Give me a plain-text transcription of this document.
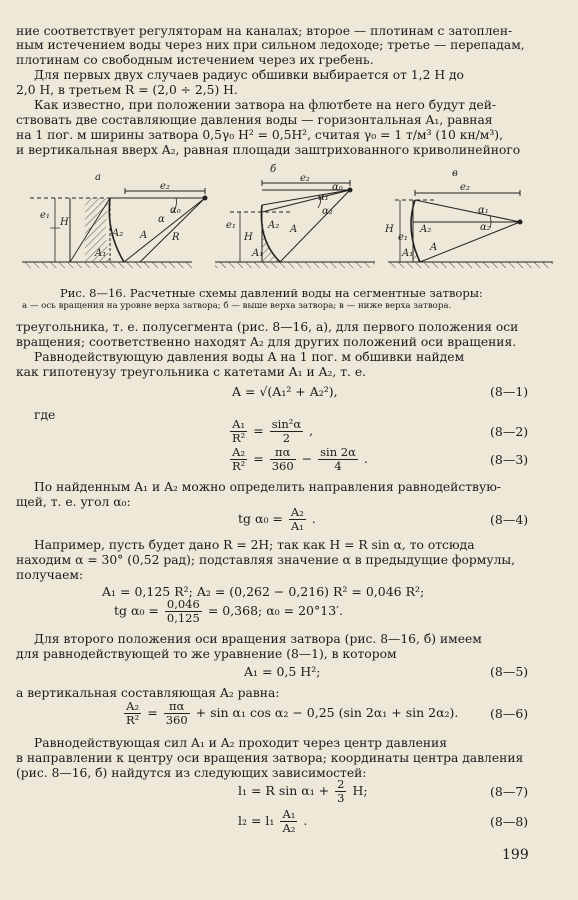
ние соответствует регуляторам на каналах; второе — плотинам с затоплен-
ным истечением воды через них при сильном ледоходе; третье — перепадам,
плотинам со свободным истечением через их гребень.
Для первых двух случаев радиус обшивки выбирается от 1,2 H до
2,0 H, в третьем R = (2,0 ÷ 2,5) H.
Как известно, при положении затвора на флютбете на него будут дей-
ствовать две составляющие давления воды — горизонтальная A₁, равная
на 1 пог. м ширины затвора 0,5γ₀ H² = 0,5H², считая γ₀ = 1 т/м³ (10 кн/м³),
и вертикальная вверх A₂, равная площади заштрихованного криволинейного
а
б	в
e₂
e₁
H
A₂
A₁
A
α
α₀
R
e₂
e₁
H
A₂
A₁
A
α₁
α₂
α₀	e₂
e₁
H	A₂
A₁
A
α₁
α₂
Рис. 8—16. Расчетные схемы давлений воды на сегментные затворы:
а — ось вращения на уровне верха затвора; б — выше верха затвора; в — ниже верха затвора.
треугольника, т. е. полусегмента (рис. 8—16, а), для первого положения оси
вращения; соответственно находят A₂ для других положений оси вращения.
Равнодействующую давления воды A на 1 пог. м обшивки найдем
как гипотенузу треугольника с катетами A₁ и A₂, т. е.
A = √(A₁² + A₂²),	(8—1)
где
$\frac{\text{A₁}}{\text{R²}} = \frac{\text{sin²α}}{2}$ ,	(8—2)
$\frac{\text{A₂}}{\text{R²}} = \frac{\pi\alpha}{360} - \frac{\sin 2\alpha}{4}$ .	(8—3)
По найденным A₁ и A₂ можно определить направления равнодействую-
щей, т. е. угол α₀:
tg $\alpha_0 = \frac{\text{A₂}}{\text{A₁}}$ .	(8—4)
Например, пусть будет дано R = 2H; так как H = R sin α, то отсюда
находим α = 30° (0,52 рад); подставляя значение α в предыдущие формулы,
получаем:
A₁ = 0,125 R²; A₂ = (0,262 − 0,216) R² = 0,046 R²;
tg $\alpha_0 = \frac{0,046}{0,125} = 0,368$; α₀ = 20°13′.
Для второго положения оси вращения затвора (рис. 8—16, б) имеем
для равнодействующей то же уравнение (8—1), в котором
A₁ = 0,5 H²;	(8—5)
а вертикальная составляющая A₂ равна:
$\frac{\text{A₂}}{\text{R²}} = \frac{\pi\alpha}{360} + \sin \alpha_1$ cos α₂ − 0,25 (sin 2α₁ + sin 2α₂).	(8—6)
Равнодействующая сил A₁ и A₂ проходит через центр давления
в направлении к центру оси вращения затвора; координаты центра давления
(рис. 8—16, б) найдутся из следующих зависимостей:
l₁ = R $\sin \alpha_1 + \frac{2}{3} H$;	(8—7)
$l_2 = l_1 \frac{\text{A₁}}{\text{A₂}}$ .	(8—8)
199
